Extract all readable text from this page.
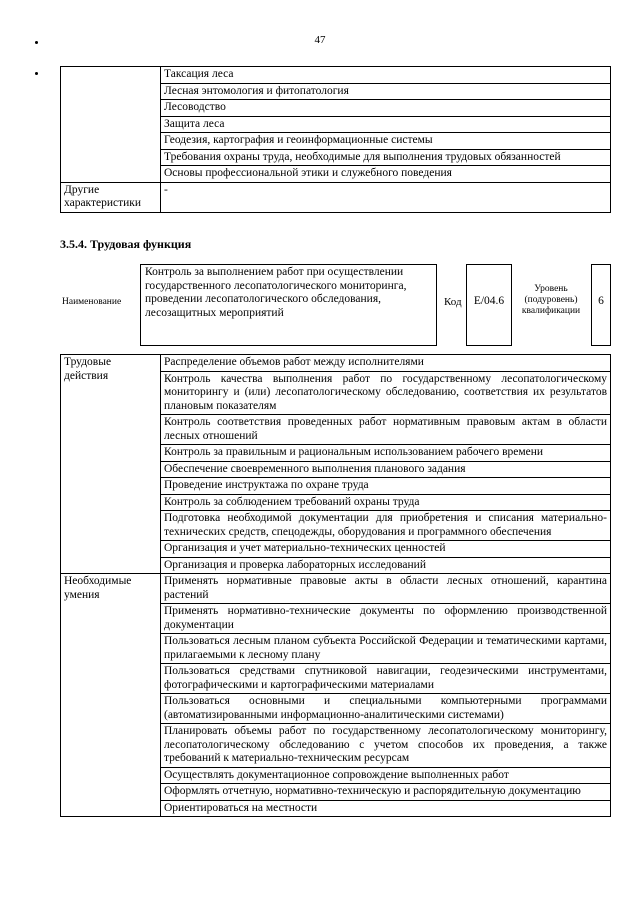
47
	Таксация леса
	Лесная энтомология и фитопатология
	Лесоводство
	Защита леса
	Геодезия, картография и геоинформационные системы
	Требования охраны труда, необходимые для выполнения трудовых обязанностей
	Основы профессиональной этики и служебного поведения
Другие характеристики	-
3.5.4. Трудовая функция
Наименование
Контроль за выполнением работ при осуществлении государственного лесопатологического мониторинга, проведении лесопатологического обследования, лесозащитных мероприятий
Код	E/04.6
Уровень (подуровень) квалификации
6
Трудовые действия	Распределение объемов работ между исполнителями
	Контроль качества выполнения работ по государственному лесопатологическому мониторингу и (или) лесопатологическому обследованию, соответствия их результатов плановым показателям
	Контроль соответствия проведенных работ нормативным правовым актам в области лесных отношений
	Контроль за правильным и рациональным использованием рабочего времени
	Обеспечение своевременного выполнения планового задания
	Проведение инструктажа по охране труда
	Контроль за соблюдением требований охраны труда
	Подготовка необходимой документации для приобретения и списания материально-технических средств, спецодежды, оборудования и программного обеспечения
	Организация и учет материально-технических ценностей
	Организация и проверка лабораторных исследований
Необходимые умения	Применять нормативные правовые акты в области лесных отношений, карантина растений
	Применять нормативно-технические документы по оформлению производственной документации
	Пользоваться лесным планом субъекта Российской Федерации и тематическими картами, прилагаемыми к лесному плану
	Пользоваться средствами спутниковой навигации, геодезическими инструментами, фотографическими и картографическими материалами
	Пользоваться основными и специальными компьютерными программами (автоматизированными информационно-аналитическими системами)
	Планировать объемы работ по государственному лесопатологическому мониторингу, лесопатологическому обследованию с учетом способов их проведения, а также требований к материально-техническим ресурсам
	Осуществлять документационное сопровождение выполненных работ
	Оформлять отчетную, нормативно-техническую и распорядительную документацию
	Ориентироваться на местности
